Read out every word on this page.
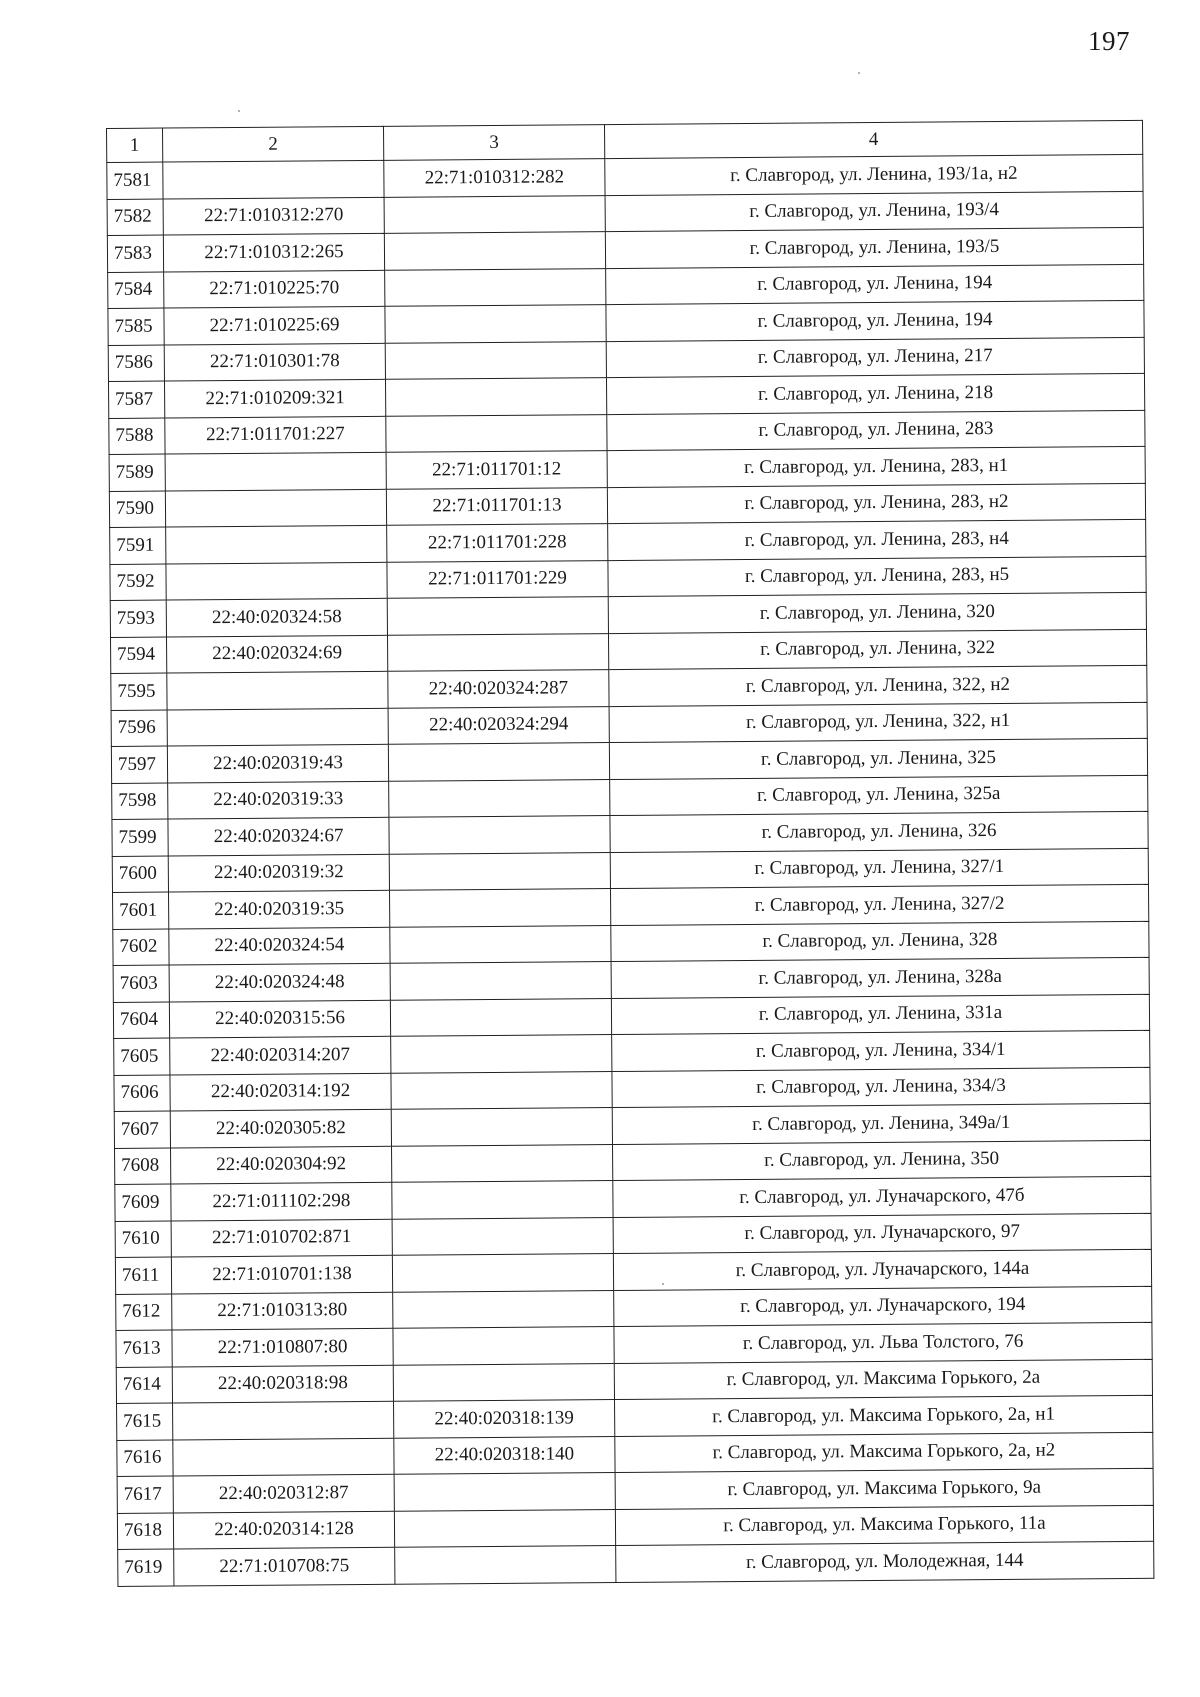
197
1	2	3	4
7581		22:71:010312:282	г. Славгород, ул. Ленина, 193/1а, н2
7582	22:71:010312:270		г. Славгород, ул. Ленина, 193/4
7583	22:71:010312:265		г. Славгород, ул. Ленина, 193/5
7584	22:71:010225:70		г. Славгород, ул. Ленина, 194
7585	22:71:010225:69		г. Славгород, ул. Ленина, 194
7586	22:71:010301:78		г. Славгород, ул. Ленина, 217
7587	22:71:010209:321		г. Славгород, ул. Ленина, 218
7588	22:71:011701:227		г. Славгород, ул. Ленина, 283
7589		22:71:011701:12	г. Славгород, ул. Ленина, 283, н1
7590		22:71:011701:13	г. Славгород, ул. Ленина, 283, н2
7591		22:71:011701:228	г. Славгород, ул. Ленина, 283, н4
7592		22:71:011701:229	г. Славгород, ул. Ленина, 283, н5
7593	22:40:020324:58		г. Славгород, ул. Ленина, 320
7594	22:40:020324:69		г. Славгород, ул. Ленина, 322
7595		22:40:020324:287	г. Славгород, ул. Ленина, 322, н2
7596		22:40:020324:294	г. Славгород, ул. Ленина, 322, н1
7597	22:40:020319:43		г. Славгород, ул. Ленина, 325
7598	22:40:020319:33		г. Славгород, ул. Ленина, 325а
7599	22:40:020324:67		г. Славгород, ул. Ленина, 326
7600	22:40:020319:32		г. Славгород, ул. Ленина, 327/1
7601	22:40:020319:35		г. Славгород, ул. Ленина, 327/2
7602	22:40:020324:54		г. Славгород, ул. Ленина, 328
7603	22:40:020324:48		г. Славгород, ул. Ленина, 328а
7604	22:40:020315:56		г. Славгород, ул. Ленина, 331а
7605	22:40:020314:207		г. Славгород, ул. Ленина, 334/1
7606	22:40:020314:192		г. Славгород, ул. Ленина, 334/3
7607	22:40:020305:82		г. Славгород, ул. Ленина, 349а/1
7608	22:40:020304:92		г. Славгород, ул. Ленина, 350
7609	22:71:011102:298		г. Славгород, ул. Луначарского, 47б
7610	22:71:010702:871		г. Славгород, ул. Луначарского, 97
7611	22:71:010701:138		г. Славгород, ул. Луначарского, 144а
7612	22:71:010313:80		г. Славгород, ул. Луначарского, 194
7613	22:71:010807:80		г. Славгород, ул. Льва Толстого, 76
7614	22:40:020318:98		г. Славгород, ул. Максима Горького, 2а
7615		22:40:020318:139	г. Славгород, ул. Максима Горького, 2а, н1
7616		22:40:020318:140	г. Славгород, ул. Максима Горького, 2а, н2
7617	22:40:020312:87		г. Славгород, ул. Максима Горького, 9а
7618	22:40:020314:128		г. Славгород, ул. Максима Горького, 11а
7619	22:71:010708:75		г. Славгород, ул. Молодежная, 144
